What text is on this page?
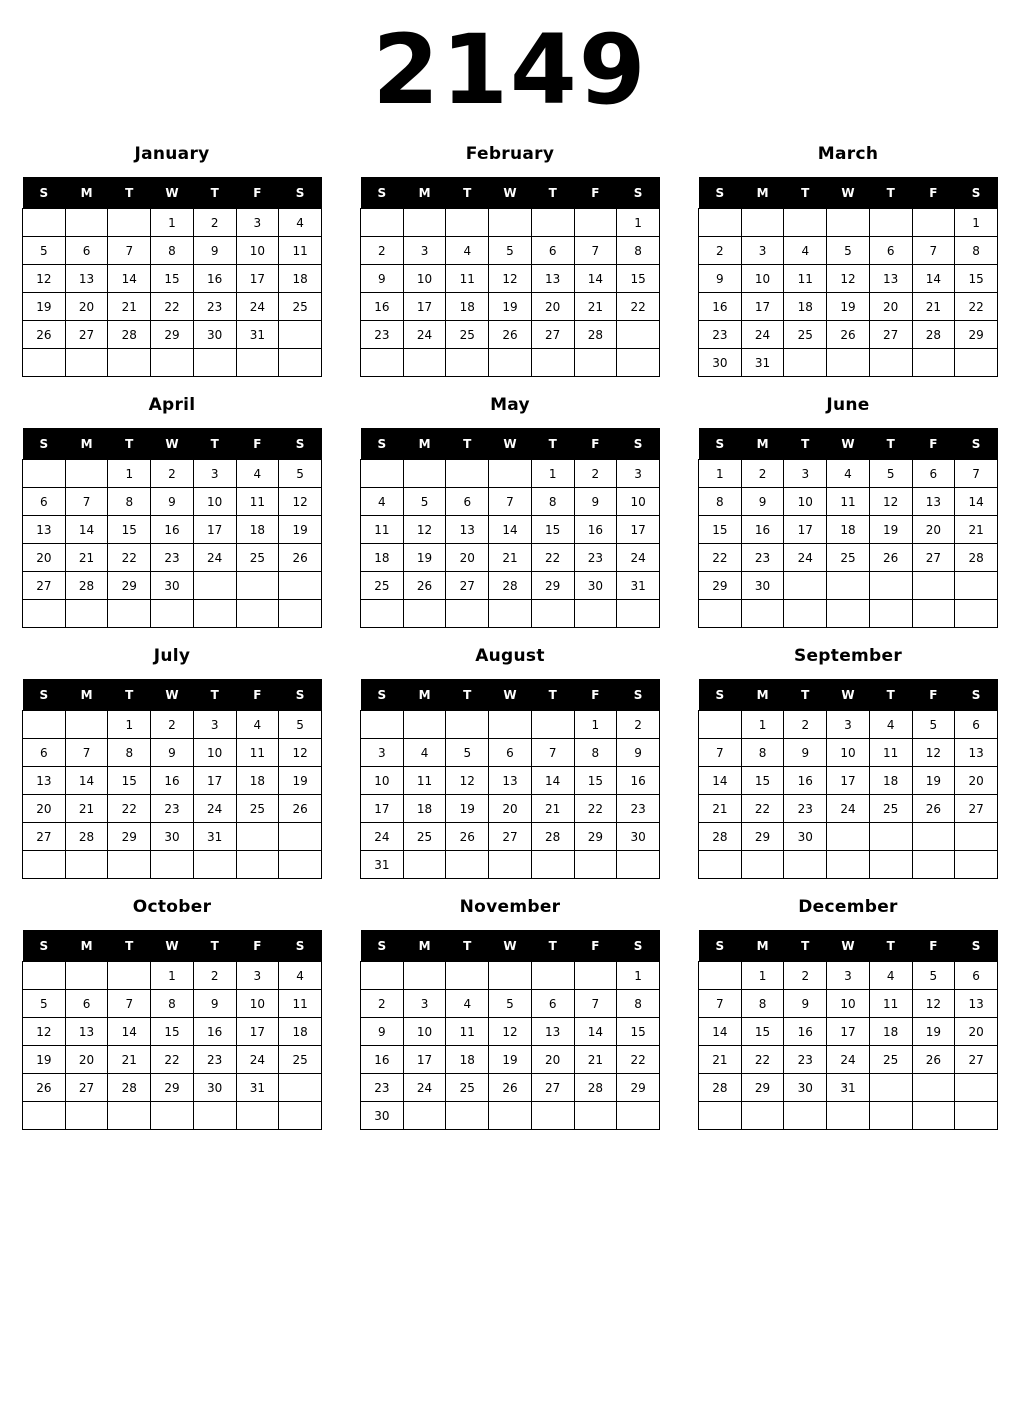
2149
January
S	M	T	W	T	F	S
			1	2	3	4
5	6	7	8	9	10	11
12	13	14	15	16	17	18
19	20	21	22	23	24	25
26	27	28	29	30	31	

February
S	M	T	W	T	F	S
						1
2	3	4	5	6	7	8
9	10	11	12	13	14	15
16	17	18	19	20	21	22
23	24	25	26	27	28	

March
S	M	T	W	T	F	S
						1
2	3	4	5	6	7	8
9	10	11	12	13	14	15
16	17	18	19	20	21	22
23	24	25	26	27	28	29
30	31					
April
S	M	T	W	T	F	S
		1	2	3	4	5
6	7	8	9	10	11	12
13	14	15	16	17	18	19
20	21	22	23	24	25	26
27	28	29	30			

May
S	M	T	W	T	F	S
				1	2	3
4	5	6	7	8	9	10
11	12	13	14	15	16	17
18	19	20	21	22	23	24
25	26	27	28	29	30	31

June
S	M	T	W	T	F	S
1	2	3	4	5	6	7
8	9	10	11	12	13	14
15	16	17	18	19	20	21
22	23	24	25	26	27	28
29	30					

July
S	M	T	W	T	F	S
		1	2	3	4	5
6	7	8	9	10	11	12
13	14	15	16	17	18	19
20	21	22	23	24	25	26
27	28	29	30	31		

August
S	M	T	W	T	F	S
					1	2
3	4	5	6	7	8	9
10	11	12	13	14	15	16
17	18	19	20	21	22	23
24	25	26	27	28	29	30
31						
September
S	M	T	W	T	F	S
	1	2	3	4	5	6
7	8	9	10	11	12	13
14	15	16	17	18	19	20
21	22	23	24	25	26	27
28	29	30				

October
S	M	T	W	T	F	S
			1	2	3	4
5	6	7	8	9	10	11
12	13	14	15	16	17	18
19	20	21	22	23	24	25
26	27	28	29	30	31	

November
S	M	T	W	T	F	S
						1
2	3	4	5	6	7	8
9	10	11	12	13	14	15
16	17	18	19	20	21	22
23	24	25	26	27	28	29
30						
December
S	M	T	W	T	F	S
	1	2	3	4	5	6
7	8	9	10	11	12	13
14	15	16	17	18	19	20
21	22	23	24	25	26	27
28	29	30	31			
